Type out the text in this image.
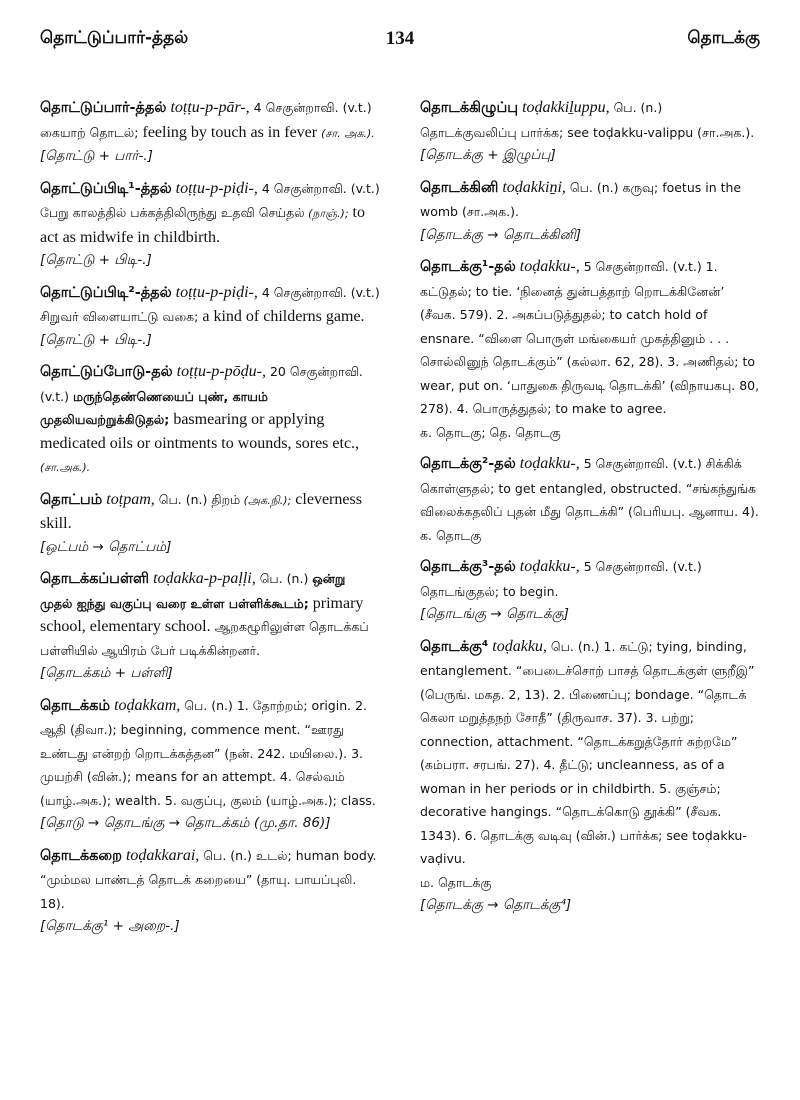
தொட்டுப்பார்-த்தல்	134	தொடக்கு

தொட்டுப்பார்-த்தல் toṭṭu-p-pār-, 4 செகுன்றாவி. (v.t.) கையாற் தொடல்; feeling by touch as in fever (சா. அக.).

[தொட்டு + பார்-.]

தொட்டுப்பிடி¹-த்தல் toṭṭu-p-piḍi-, 4 செகுன்றாவி. (v.t.) பேறு காலத்தில் பக்கத்திலிருந்து உதவி செய்தல் (நாஞ்.); to act as midwife in childbirth.

[தொட்டு + பிடி-.]

தொட்டுப்பிடி²-த்தல் toṭṭu-p-piḍi-, 4 செகுன்றாவி. (v.t.) சிறுவர் விளையாட்டு வகை; a kind of childerns game.

[தொட்டு + பிடி-.]

தொட்டுப்போடு-தல் toṭṭu-p-pōḍu-, 20 செகுன்றாவி. (v.t.) மருந்தெண்ணெயைப் புண், காயம் முதலியவற்றுக்கிடுதல்; basmearing or applying medicated oils or ointments to wounds, sores etc., (சா.அக.).

தொட்பம் toṭpam, பெ. (n.) திறம் (அக.நி.); cleverness skill.

[ஒட்பம் → தொட்பம்]

தொடக்கப்பள்ளி toḍakka-p-paḷḷi, பெ. (n.) ஒன்று முதல் ஐந்து வகுப்பு வரை உள்ள பள்ளிக்கூடம்; primary school, elementary school. ஆறகழூரிலுள்ள தொடக்கப் பள்ளியில் ஆயிரம் பேர் படிக்கின்றனர்.

[தொடக்கம் + பள்ளி]

தொடக்கம் toḍakkam, பெ. (n.) 1. தோற்றம்; origin. 2. ஆதி (திவா.); beginning, commence ment. “ஊரது உண்டது என்றற் றொடக்கத்தன” (நன். 242. மயிலை.). 3. முயற்சி (வின்.); means for an attempt. 4. செல்வம் (யாழ்.அக.); wealth. 5. வகுப்பு, குலம் (யாழ்.அக.); class.

[தொடு → தொடங்கு → தொடக்கம் (மு.தா. 86)]

தொடக்கறை toḍakkarai, பெ. (n.) உடல்; human body. “மும்மல பாண்டத் தொடக் கறையை” (தாயு. பாயப்புலி. 18).

[தொடக்கு¹ + அறை-.]

தொடக்கிழுப்பு toḍakkiḻuppu, பெ. (n.) தொடக்குவலிப்பு பார்க்க; see toḍakku-valippu (சா.அக.).

[தொடக்கு + இழுப்பு]

தொடக்கினி toḍakkiṉi, பெ. (n.) கருவு; foetus in the womb (சா.அக.).

[தொடக்கு → தொடக்கினி]

தொடக்கு¹-தல் toḍakku-, 5 செகுன்றாவி. (v.t.) 1. கட்டுதல்; to tie. ‘நினைத் துன்பத்தாற் றொடக்கினேன்’ (சீவக. 579). 2. அகப்படுத்துதல்; to catch hold of ensnare. “விளை பொருள் மங்கையர் முகத்தினும் . . . சொல்லினுந் தொடக்கும்” (கல்லா. 62, 28). 3. அணிதல்; to wear, put on. ‘பாதுகை திருவடி தொடக்கி’ (விநாயகபு. 80, 278). 4. பொருத்துதல்; to make to agree.

க. தொடகு; தெ. தொடகு

தொடக்கு²-தல் toḍakku-, 5 செகுன்றாவி. (v.t.) சிக்கிக் கொள்ளுதல்; to get entangled, obstructed. “சங்கந்துங்க விலைக்கதலிப் புதன் மீது தொடக்கி” (பெரியபு. ஆனாய. 4).

க. தொடகு

தொடக்கு³-தல் toḍakku-, 5 செகுன்றாவி. (v.t.) தொடங்குதல்; to begin.

[தொடங்கு → தொடக்கு]

தொடக்கு⁴ toḍakku, பெ. (n.) 1. கட்டு; tying, binding, entanglement. “பைடைச்சொற் பாசத் தொடக்குள் ளுறீஇ” (பெருங். மகத. 2, 13). 2. பிணைப்பு; bondage. “தொடக் கெலா மறுத்தநற் சோதீ” (திருவாச. 37). 3. பற்று; connection, attachment. “தொடக்கறுத்தோர் சுற்றமே” (கம்பரா. சரபங். 27). 4. தீட்டு; uncleanness, as of a woman in her periods or in childbirth. 5. குஞ்சம்; decorative hangings. “தொடக்கொடு தூக்கி” (சீவக. 1343). 6. தொடக்கு வடிவு (வின்.) பார்க்க; see toḍakku-vaḍivu.

ம. தொடக்கு

[தொடக்கு → தொடக்கு⁴]
